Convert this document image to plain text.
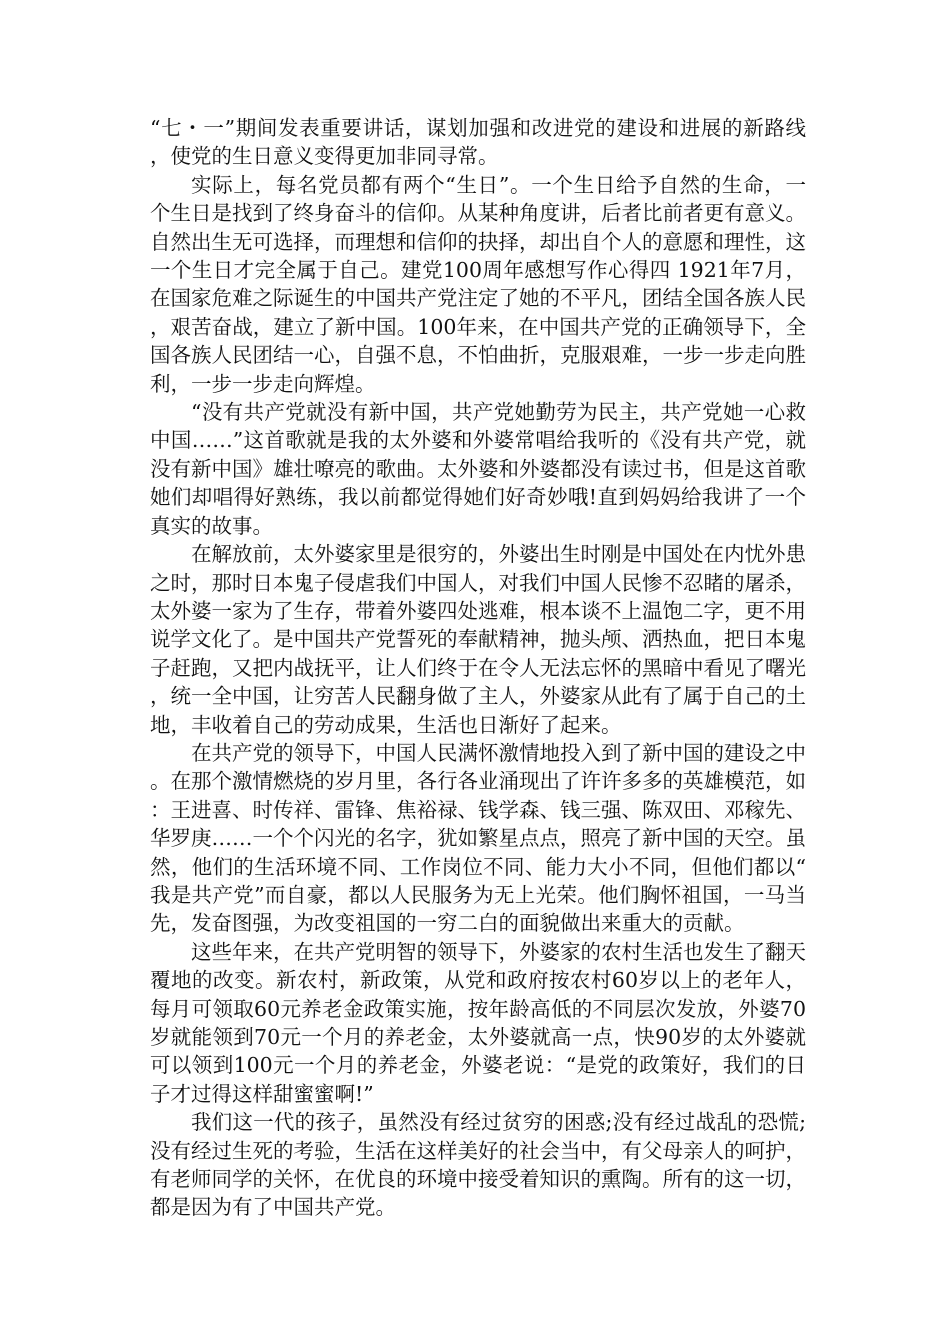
“七・一”期间发表重要讲话，谋划加强和改进党的建设和进展的新路线，使党的生日意义变得更加非同寻常。

实际上，每名党员都有两个“生日”。一个生日给予自然的生命，一个生日是找到了终身奋斗的信仰。从某种角度讲，后者比前者更有意义。自然出生无可选择，而理想和信仰的抉择，却出自个人的意愿和理性，这一个生日才完全属于自己。建党100周年感想写作心得四 1921年7月，在国家危难之际诞生的中国共产党注定了她的不平凡，团结全国各族人民，艰苦奋战，建立了新中国。100年来，在中国共产党的正确领导下，全国各族人民团结一心，自强不息，不怕曲折，克服艰难，一步一步走向胜利，一步一步走向辉煌。

“没有共产党就没有新中国，共产党她勤劳为民主，共产党她一心救中国……”这首歌就是我的太外婆和外婆常唱给我听的《没有共产党，就没有新中国》雄壮嘹亮的歌曲。太外婆和外婆都没有读过书，但是这首歌她们却唱得好熟练，我以前都觉得她们好奇妙哦!直到妈妈给我讲了一个真实的故事。

在解放前，太外婆家里是很穷的，外婆出生时刚是中国处在内忧外患之时，那时日本鬼子侵虐我们中国人，对我们中国人民惨不忍睹的屠杀，太外婆一家为了生存，带着外婆四处逃难，根本谈不上温饱二字，更不用说学文化了。是中国共产党誓死的奉献精神，抛头颅、洒热血，把日本鬼子赶跑，又把内战抚平，让人们终于在令人无法忘怀的黑暗中看见了曙光，统一全中国，让穷苦人民翻身做了主人，外婆家从此有了属于自己的土地，丰收着自己的劳动成果，生活也日渐好了起来。

在共产党的领导下，中国人民满怀激情地投入到了新中国的建设之中。在那个激情燃烧的岁月里，各行各业涌现出了许许多多的英雄模范，如：王进喜、时传祥、雷锋、焦裕禄、钱学森、钱三强、陈双田、邓稼先、华罗庚……一个个闪光的名字，犹如繁星点点，照亮了新中国的天空。虽然，他们的生活环境不同、工作岗位不同、能力大小不同，但他们都以“我是共产党”而自豪，都以人民服务为无上光荣。他们胸怀祖国，一马当先，发奋图强，为改变祖国的一穷二白的面貌做出来重大的贡献。

这些年来，在共产党明智的领导下，外婆家的农村生活也发生了翻天覆地的改变。新农村，新政策，从党和政府按农村60岁以上的老年人，每月可领取60元养老金政策实施，按年龄高低的不同层次发放，外婆70岁就能领到70元一个月的养老金，太外婆就高一点，快90岁的太外婆就可以领到100元一个月的养老金，外婆老说：“是党的政策好，我们的日子才过得这样甜蜜蜜啊!”

我们这一代的孩子，虽然没有经过贫穷的困惑;没有经过战乱的恐慌;没有经过生死的考验，生活在这样美好的社会当中，有父母亲人的呵护，有老师同学的关怀，在优良的环境中接受着知识的熏陶。所有的这一切，都是因为有了中国共产党。
